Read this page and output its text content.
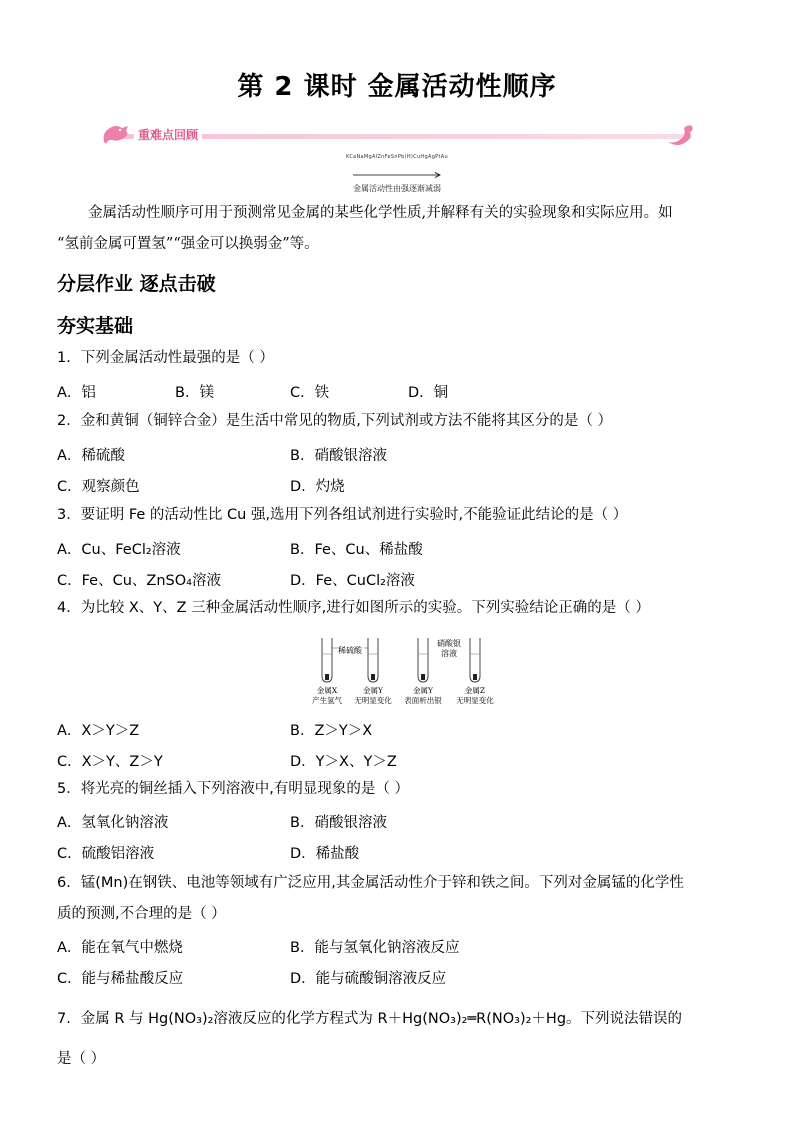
第 2 课时 金属活动性顺序
重难点回顾
KCaNaMgAlZnFeSnPb(H)CuHgAgPtAu
金属活动性由强逐渐减弱
金属活动性顺序可用于预测常见金属的某些化学性质,并解释有关的实验现象和实际应用。如
“氢前金属可置氢”“强金可以换弱金”等。
分层作业 逐点击破
夯实基础
1．下列金属活动性最强的是（ ）
A．铝	B．镁	C．铁	D．铜
2．金和黄铜（铜锌合金）是生活中常见的物质,下列试剂或方法不能将其区分的是（ ）
A．稀硫酸	B．硝酸银溶液
C．观察颜色	D．灼烧
3．要证明 Fe 的活动性比 Cu 强,选用下列各组试剂进行实验时,不能验证此结论的是（ ）
A．Cu、FeCl₂溶液	B．Fe、Cu、稀盐酸
C．Fe、Cu、ZnSO₄溶液	D．Fe、CuCl₂溶液
4．为比较 X、Y、Z 三种金属活动性顺序,进行如图所示的实验。下列实验结论正确的是（ ）
稀硫酸
硝酸银
溶液
金属X
产生氢气
金属Y
无明显变化
金属Y
表面析出银
金属Z
无明显变化
A．X＞Y＞Z	B．Z＞Y＞X
C．X＞Y、Z＞Y	D．Y＞X、Y＞Z
5．将光亮的铜丝插入下列溶液中,有明显现象的是（ ）
A．氢氧化钠溶液	B．硝酸银溶液
C．硫酸铝溶液	D．稀盐酸
6．锰(Mn)在钢铁、电池等领域有广泛应用,其金属活动性介于锌和铁之间。下列对金属锰的化学性
质的预测,不合理的是（ ）
A．能在氧气中燃烧	B．能与氢氧化钠溶液反应
C．能与稀盐酸反应	D．能与硫酸铜溶液反应
7．金属 R 与 Hg(NO₃)₂溶液反应的化学方程式为 R＋Hg(NO₃)₂═R(NO₃)₂＋Hg。下列说法错误的
是（ ）
